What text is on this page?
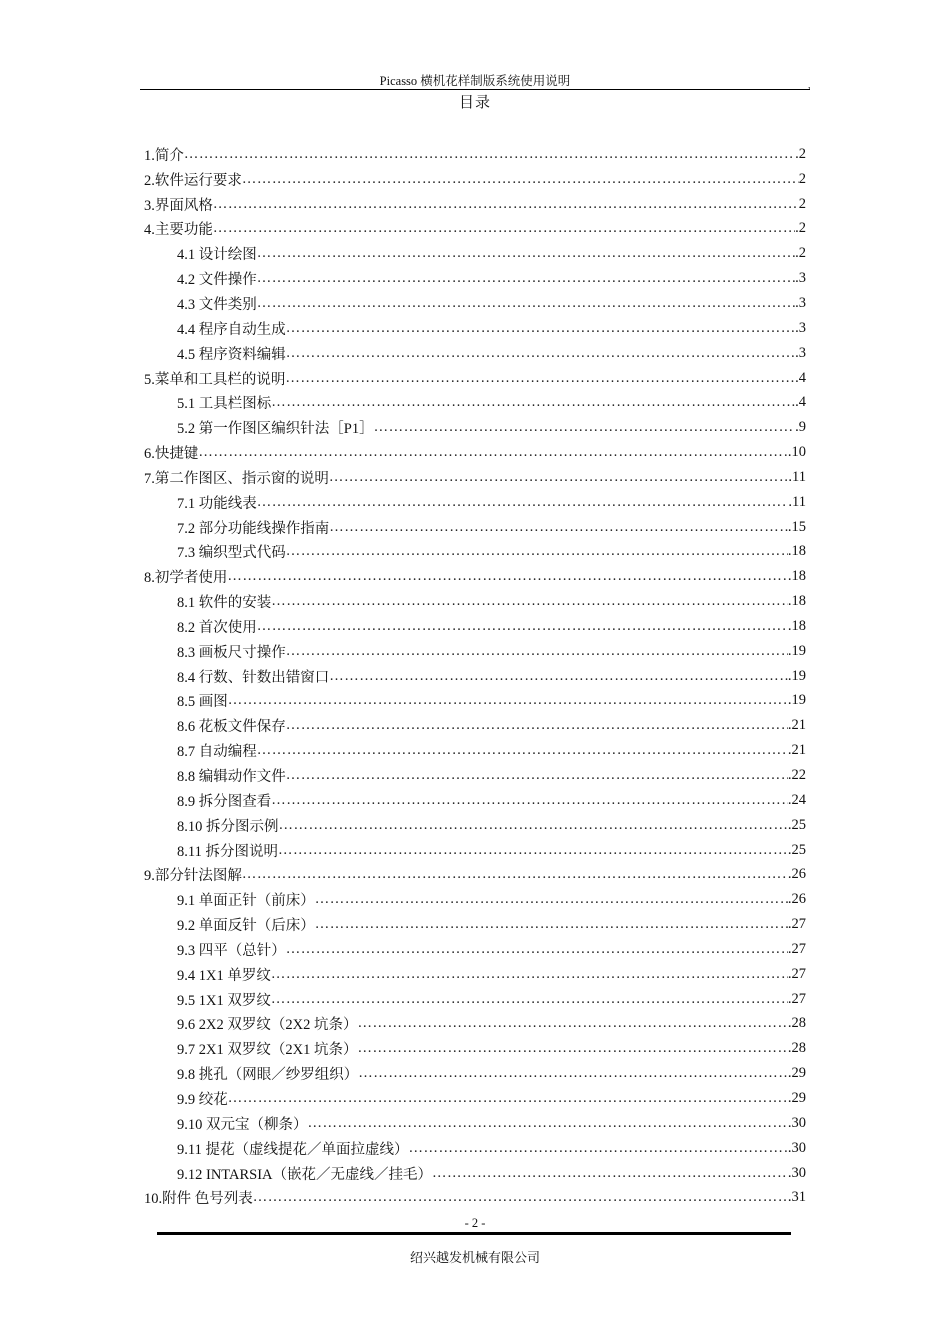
Picasso 横机花样制版系统使用说明	,
目录
1.简介 ……………………………………………………………………………………………………………………………………………………………………………………………………………………………………………	.2
2.软件运行要求 ……………………………………………………………………………………………………………………………………………………………………………………………………………………………………………	2
3.界面风格 ……………………………………………………………………………………………………………………………………………………………………………………………………………………………………………	2
4.主要功能 ……………………………………………………………………………………………………………………………………………………………………………………………………………………………………………	.2
4.1 设计绘图 ……………………………………………………………………………………………………………………………………………………………………………………………………………………………………………	.2
4.2 文件操作 ……………………………………………………………………………………………………………………………………………………………………………………………………………………………………………	.3
4.3 文件类别 ……………………………………………………………………………………………………………………………………………………………………………………………………………………………………………	.3
4.4 程序自动生成 ……………………………………………………………………………………………………………………………………………………………………………………………………………………………………………	.3
4.5 程序资料编辑 ……………………………………………………………………………………………………………………………………………………………………………………………………………………………………………	.3
5.菜单和工具栏的说明 ……………………………………………………………………………………………………………………………………………………………………………………………………………………………………………	.4
5.1 工具栏图标 ……………………………………………………………………………………………………………………………………………………………………………………………………………………………………………	.4
5.2 第一作图区编织针法［P1］ ……………………………………………………………………………………………………………………………………………………………………………………………………………………………………………	.9
6.快捷键 ……………………………………………………………………………………………………………………………………………………………………………………………………………………………………………	.10
7.第二作图区、指示窗的说明 ……………………………………………………………………………………………………………………………………………………………………………………………………………………………………………	.11
7.1 功能线表 ……………………………………………………………………………………………………………………………………………………………………………………………………………………………………………	.11
7.2 部分功能线操作指南 ……………………………………………………………………………………………………………………………………………………………………………………………………………………………………………	.15
7.3 编织型式代码 ……………………………………………………………………………………………………………………………………………………………………………………………………………………………………………	.18
8.初学者使用 ……………………………………………………………………………………………………………………………………………………………………………………………………………………………………………	.18
8.1 软件的安装 ……………………………………………………………………………………………………………………………………………………………………………………………………………………………………………	.18
8.2 首次使用 ……………………………………………………………………………………………………………………………………………………………………………………………………………………………………………	.18
8.3 画板尺寸操作 ……………………………………………………………………………………………………………………………………………………………………………………………………………………………………………	.19
8.4 行数、针数出错窗口 ……………………………………………………………………………………………………………………………………………………………………………………………………………………………………………	.19
8.5 画图 ……………………………………………………………………………………………………………………………………………………………………………………………………………………………………………	.19
8.6 花板文件保存 ……………………………………………………………………………………………………………………………………………………………………………………………………………………………………………	.21
8.7 自动编程 ……………………………………………………………………………………………………………………………………………………………………………………………………………………………………………	.21
8.8 编辑动作文件 ……………………………………………………………………………………………………………………………………………………………………………………………………………………………………………	.22
8.9 拆分图查看 ……………………………………………………………………………………………………………………………………………………………………………………………………………………………………………	.24
8.10 拆分图示例 ……………………………………………………………………………………………………………………………………………………………………………………………………………………………………………	.25
8.11 拆分图说明 ……………………………………………………………………………………………………………………………………………………………………………………………………………………………………………	.25
9.部分针法图解 ……………………………………………………………………………………………………………………………………………………………………………………………………………………………………………	.26
9.1 单面正针（前床） ……………………………………………………………………………………………………………………………………………………………………………………………………………………………………………	.26
9.2 单面反针（后床） ……………………………………………………………………………………………………………………………………………………………………………………………………………………………………………	.27
9.3 四平（总针） ……………………………………………………………………………………………………………………………………………………………………………………………………………………………………………	.27
9.4 1X1 单罗纹 ……………………………………………………………………………………………………………………………………………………………………………………………………………………………………………	.27
9.5 1X1 双罗纹 ……………………………………………………………………………………………………………………………………………………………………………………………………………………………………………	.27
9.6 2X2 双罗纹（2X2 坑条） ……………………………………………………………………………………………………………………………………………………………………………………………………………………………………………	.28
9.7 2X1 双罗纹（2X1 坑条） ……………………………………………………………………………………………………………………………………………………………………………………………………………………………………………	.28
9.8 挑孔（网眼／纱罗组织） ……………………………………………………………………………………………………………………………………………………………………………………………………………………………………………	.29
9.9 绞花 ……………………………………………………………………………………………………………………………………………………………………………………………………………………………………………	.29
9.10 双元宝（柳条） ……………………………………………………………………………………………………………………………………………………………………………………………………………………………………………	.30
9.11 提花（虚线提花／单面拉虚线） ……………………………………………………………………………………………………………………………………………………………………………………………………………………………………………	.30
9.12 INTARSIA（嵌花／无虚线／挂毛） ……………………………………………………………………………………………………………………………………………………………………………………………………………………………………………	.30
10.附件 色号列表 ……………………………………………………………………………………………………………………………………………………………………………………………………………………………………………	.31
- 2 -
绍兴越发机械有限公司
